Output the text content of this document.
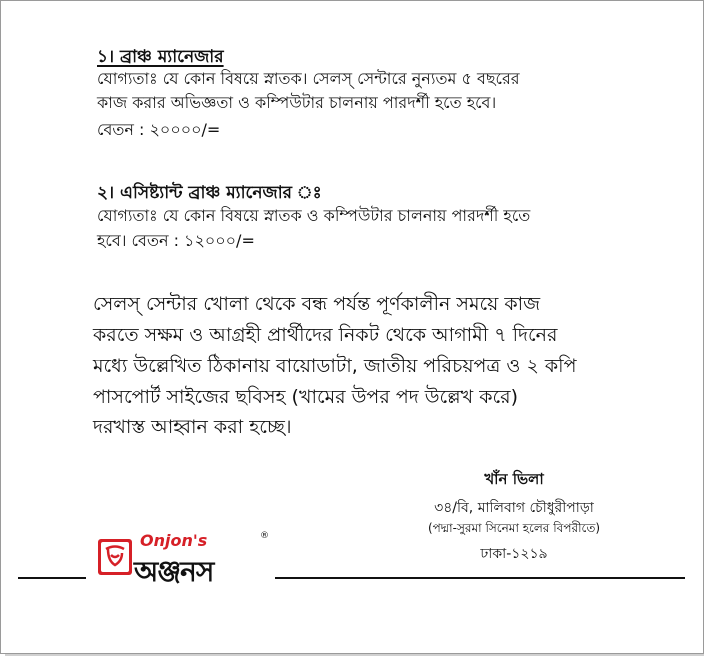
১। ব্রাঞ্চ ম্যানেজার
যোগ্যতাঃ যে কোন বিষয়ে স্নাতক। সেলস্ সেন্টারে নুন্যতম ৫ বছরের
কাজ করার অভিজ্ঞতা ও কম্পিউটার চালনায় পারদর্শী হতে হবে।
বেতন : ২০০০০/=
২। এসিষ্ট্যান্ট ব্রাঞ্চ ম্যানেজার ঃ
যোগ্যতাঃ যে কোন বিষয়ে স্নাতক ও কম্পিউটার চালনায় পারদর্শী হতে
হবে। বেতন : ১২০০০/=
সেলস্ সেন্টার খোলা থেকে বন্ধ পর্যন্ত পূর্ণকালীন সময়ে কাজ
করতে সক্ষম ও আগ্রহী প্রার্থীদের নিকট থেকে আগামী ৭ দিনের
মধ্যে উল্লেখিত ঠিকানায় বায়োডাটা, জাতীয় পরিচয়পত্র ও ২ কপি
পাসপোর্ট সাইজের ছবিসহ (খামের উপর পদ উল্লেখ করে)
দরখাস্ত আহ্বান করা হচ্ছে।
খাঁন ভিলা
৩৪/বি, মালিবাগ চৌধুরীপাড়া
(পদ্মা-সুরমা সিনেমা হলের বিপরীতে)
ঢাকা-১২১৯
Onjon's	®
অঞ্জনস
